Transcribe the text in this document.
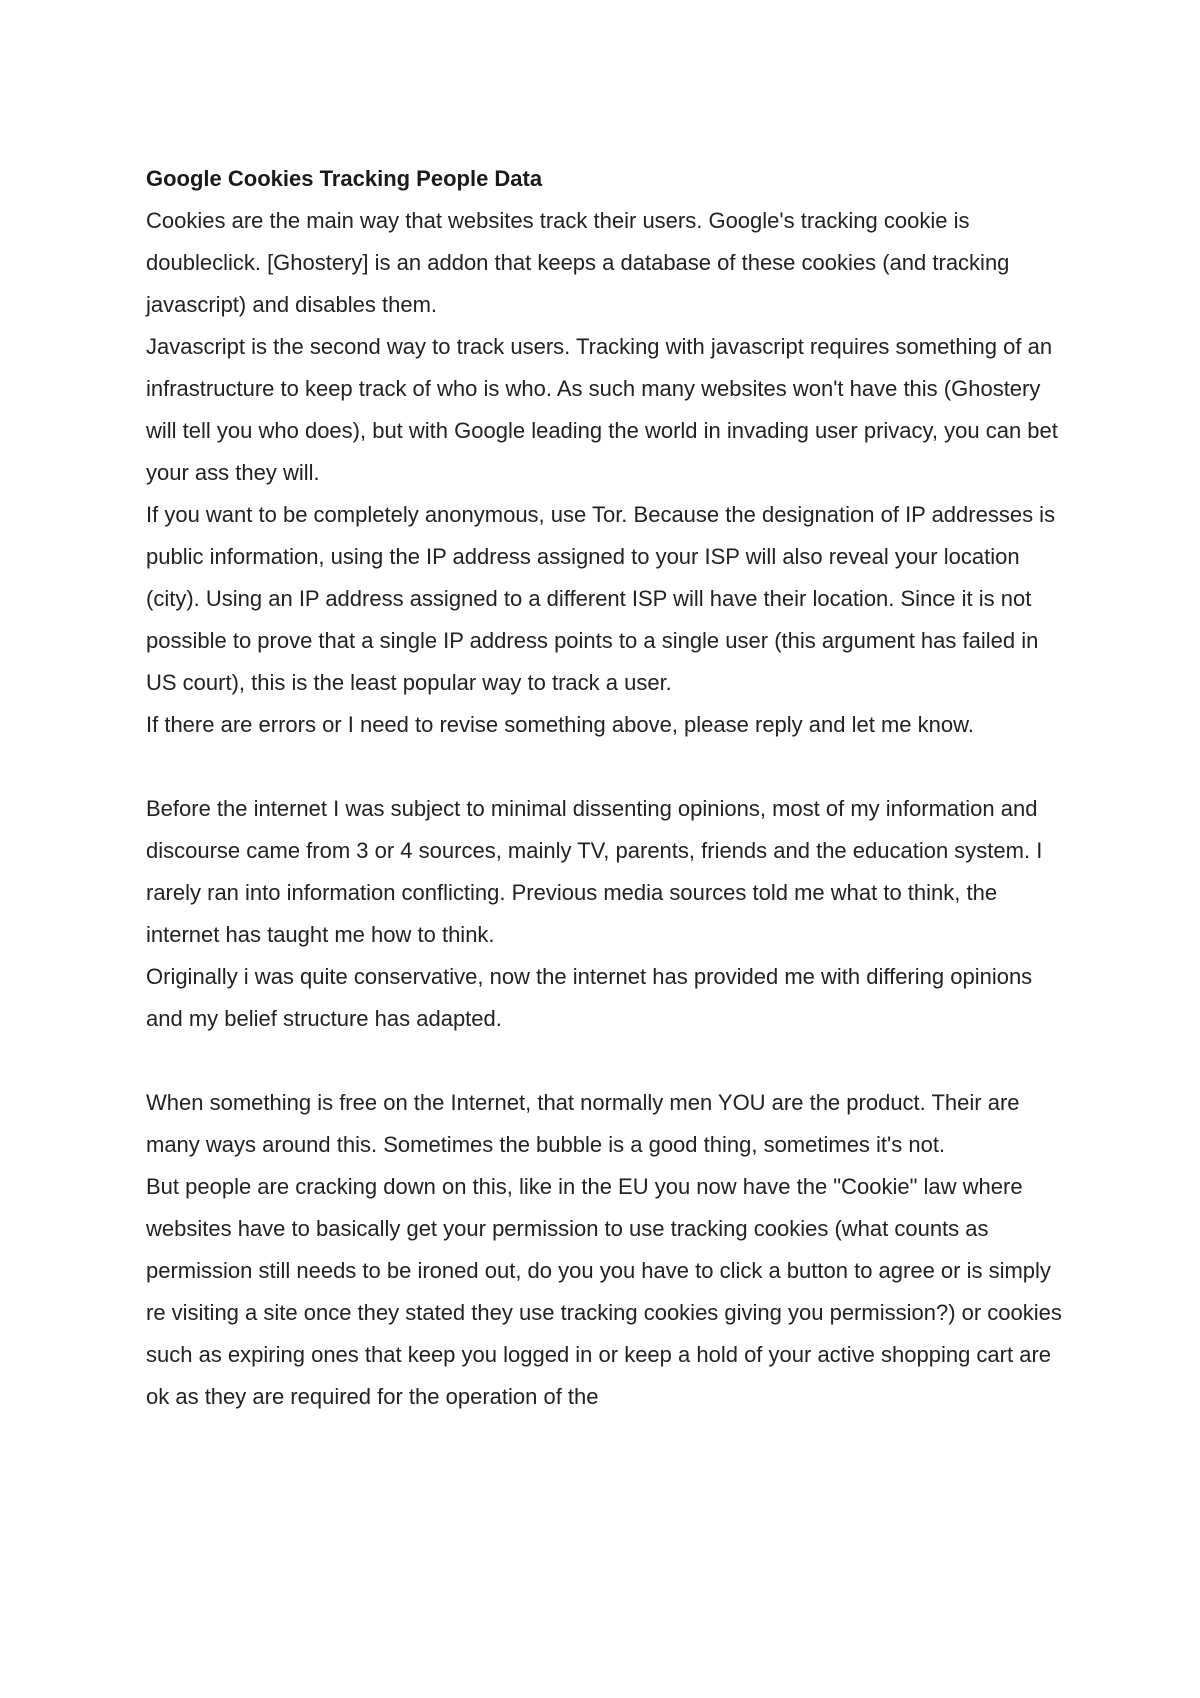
Google Cookies Tracking People Data

Cookies are the main way that websites track their users. Google's tracking cookie is doubleclick. [Ghostery] is an addon that keeps a database of these cookies (and tracking javascript) and disables them.

Javascript is the second way to track users. Tracking with javascript requires something of an infrastructure to keep track of who is who. As such many websites won't have this (Ghostery will tell you who does), but with Google leading the world in invading user privacy, you can bet your ass they will.

If you want to be completely anonymous, use Tor. Because the designation of IP addresses is public information, using the IP address assigned to your ISP will also reveal your location (city). Using an IP address assigned to a different ISP will have their location. Since it is not possible to prove that a single IP address points to a single user (this argument has failed in US court), this is the least popular way to track a user.

If there are errors or I need to revise something above, please reply and let me know.

Before the internet I was subject to minimal dissenting opinions, most of my information and discourse came from 3 or 4 sources, mainly TV, parents, friends and the education system. I rarely ran into information conflicting. Previous media sources told me what to think, the internet has taught me how to think.

Originally i was quite conservative, now the internet has provided me with differing opinions and my belief structure has adapted.

When something is free on the Internet, that normally men YOU are the product. Their are many ways around this. Sometimes the bubble is a good thing, sometimes it's not.

But people are cracking down on this, like in the EU you now have the "Cookie" law where websites have to basically get your permission to use tracking cookies (what counts as permission still needs to be ironed out, do you you have to click a button to agree or is simply re visiting a site once they stated they use tracking cookies giving you permission?) or cookies such as expiring ones that keep you logged in or keep a hold of your active shopping cart are ok as they are required for the operation of the
